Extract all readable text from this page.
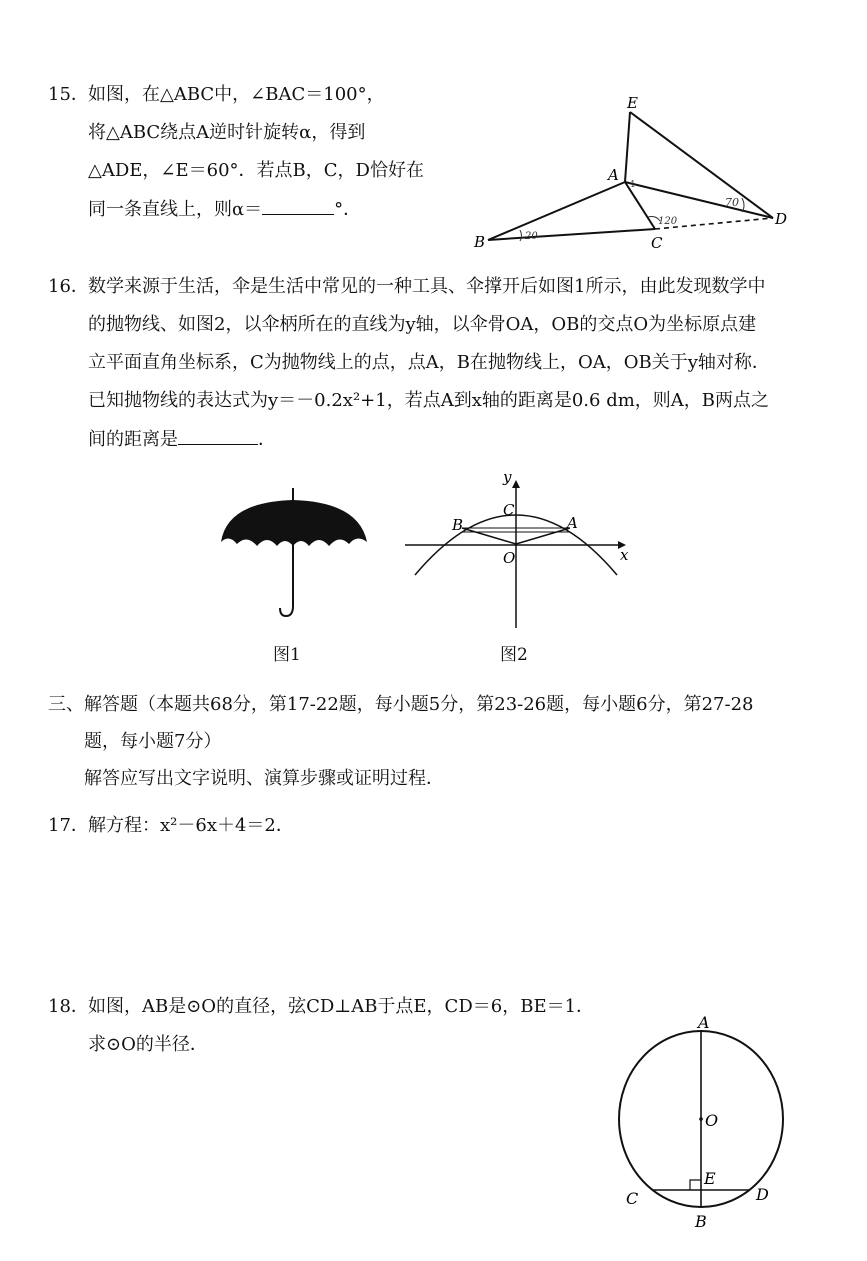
15． 如图，在△ABC中，∠BAC＝100°，
将△ABC绕点A逆时针旋转α，得到
△ADE，∠E＝60°．若点B，C，D恰好在
同一条直线上，则α＝	°．	70
120
20
1
E
A
B	C
D
16． 数学来源于生活，伞是生活中常见的一种工具、伞撑开后如图1所示，由此发现数学中
的抛物线、如图2，以伞柄所在的直线为y轴，以伞骨OA，OB的交点O为坐标原点建
立平面直角坐标系，C为抛物线上的点，点A，B在抛物线上，OA，OB关于y轴对称．
已知抛物线的表达式为y＝－0.2x²+1，若点A到x轴的距离是0.6 dm，则A，B两点之
间的距离是	．
图1
y
x
C
B	A
O
图2
三、解答题（本题共68分，第17-22题，每小题5分，第23-26题，每小题6分，第27-28
题，每小题7分）
解答应写出文字说明、演算步骤或证明过程．
17． 解方程：x²－6x＋4＝2．
18． 如图，AB是⊙O的直径，弦CD⊥AB于点E，CD＝6，BE＝1．
求⊙O的半径．
A
O
E
C	D
B
